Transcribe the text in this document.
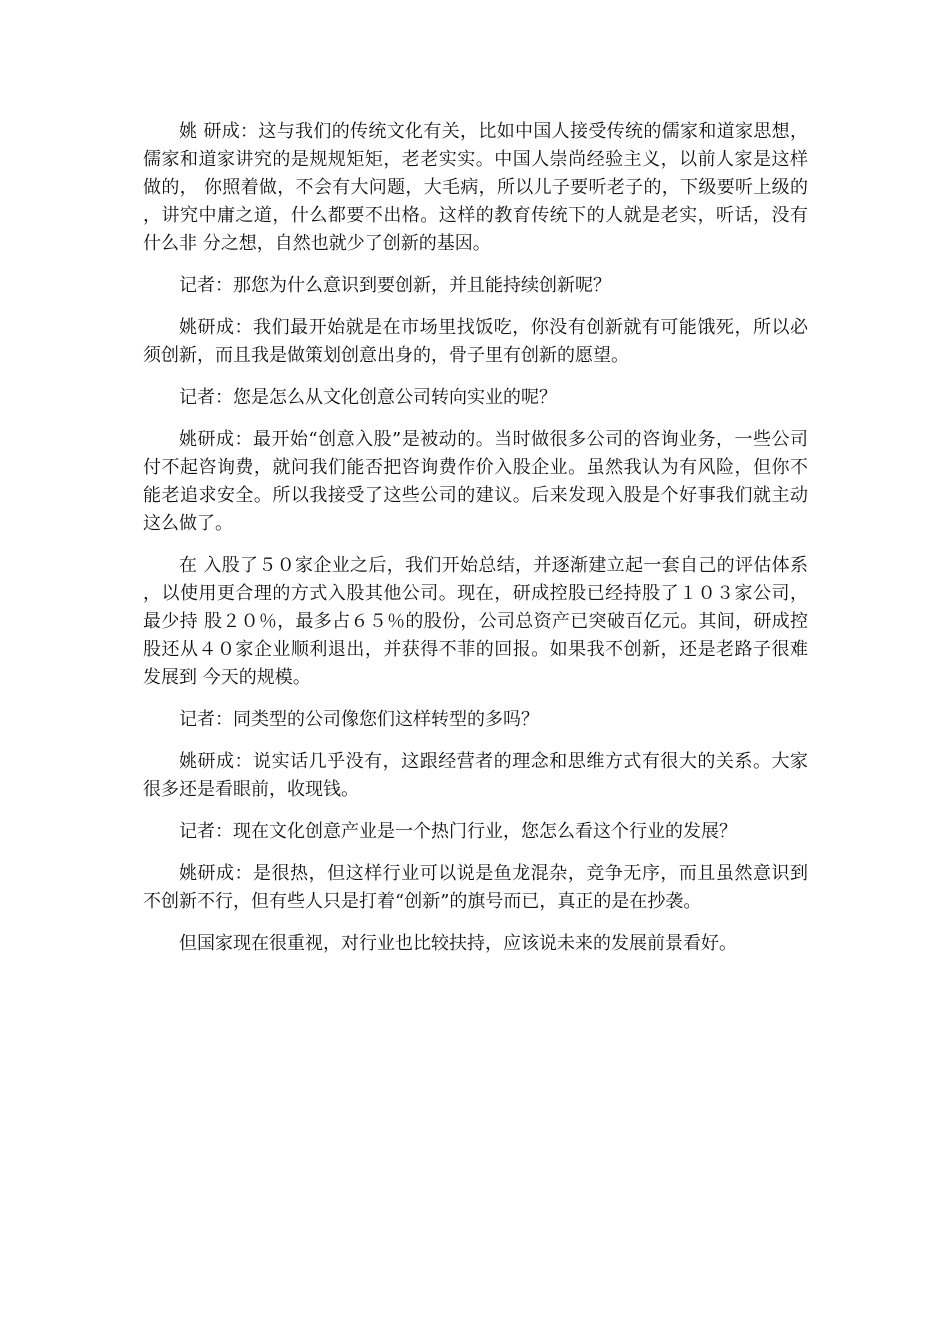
姚 研成：这与我们的传统文化有关，比如中国人接受传统的儒家和道家思想，儒家和道家讲究的是规规矩矩，老老实实。中国人崇尚经验主义，以前人家是这样做的， 你照着做，不会有大问题，大毛病，所以儿子要听老子的，下级要听上级的，讲究中庸之道，什么都要不出格。这样的教育传统下的人就是老实，听话，没有什么非 分之想，自然也就少了创新的基因。

记者：那您为什么意识到要创新，并且能持续创新呢？

姚研成：我们最开始就是在市场里找饭吃，你没有创新就有可能饿死，所以必须创新，而且我是做策划创意出身的，骨子里有创新的愿望。

记者：您是怎么从文化创意公司转向实业的呢？

姚研成：最开始“创意入股”是被动的。当时做很多公司的咨询业务，一些公司付不起咨询费，就问我们能否把咨询费作价入股企业。虽然我认为有风险，但你不能老追求安全。所以我接受了这些公司的建议。后来发现入股是个好事我们就主动这么做了。

在 入股了５０家企业之后，我们开始总结，并逐渐建立起一套自己的评估体系，以使用更合理的方式入股其他公司。现在，研成控股已经持股了１０３家公司，最少持 股２０％，最多占６５％的股份，公司总资产已突破百亿元。其间，研成控股还从４０家企业顺利退出，并获得不菲的回报。如果我不创新，还是老路子很难发展到 今天的规模。

记者：同类型的公司像您们这样转型的多吗？

姚研成：说实话几乎没有，这跟经营者的理念和思维方式有很大的关系。大家很多还是看眼前，收现钱。

记者：现在文化创意产业是一个热门行业，您怎么看这个行业的发展？

姚研成：是很热，但这样行业可以说是鱼龙混杂，竞争无序，而且虽然意识到不创新不行，但有些人只是打着“创新”的旗号而已，真正的是在抄袭。

但国家现在很重视，对行业也比较扶持，应该说未来的发展前景看好。
